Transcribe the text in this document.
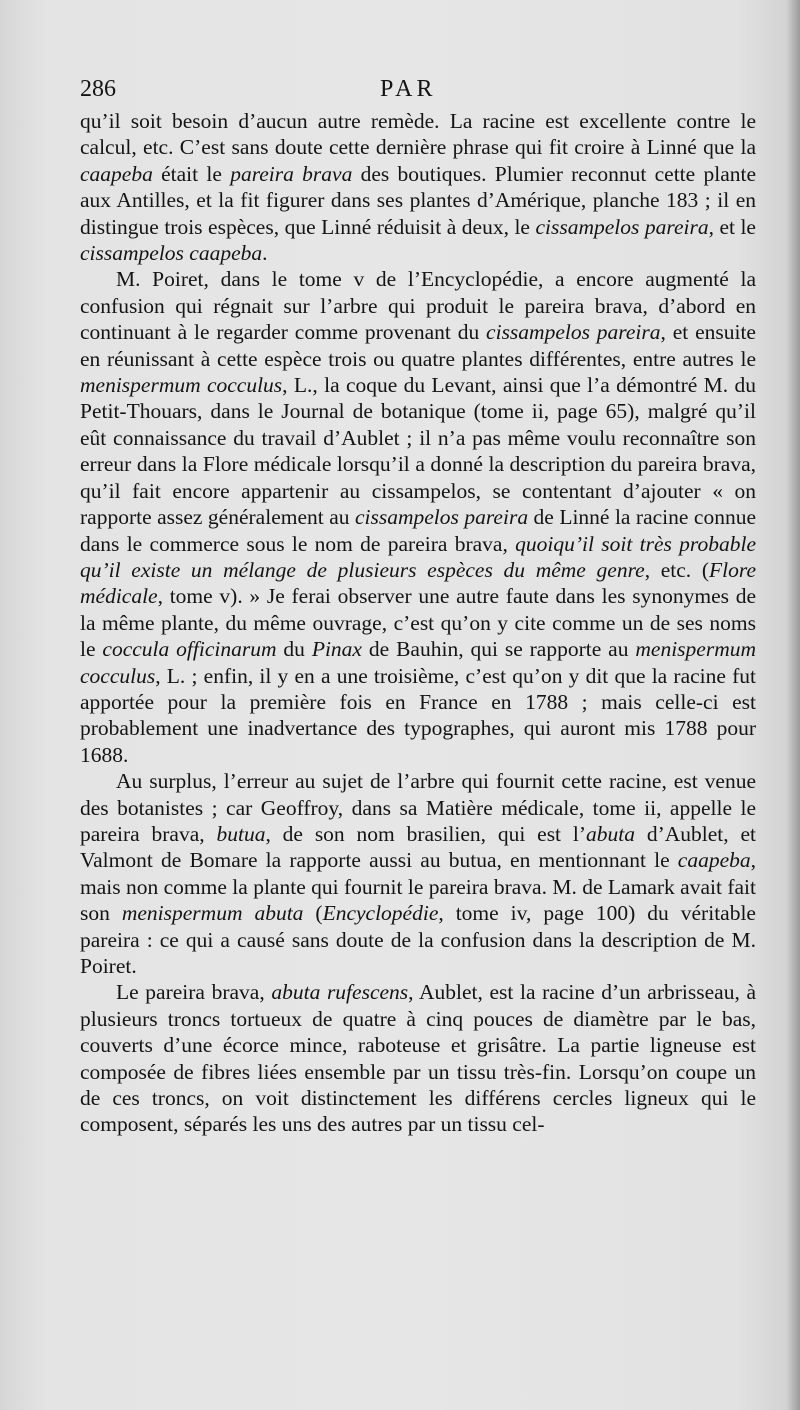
286	PAR

qu’il soit besoin d’aucun autre remède. La racine est excellente contre le calcul, etc. C’est sans doute cette dernière phrase qui fit croire à Linné que la caapeba était le pareira brava des boutiques. Plumier reconnut cette plante aux Antilles, et la fit figurer dans ses plantes d’Amérique, planche 183 ; il en distingue trois espèces, que Linné réduisit à deux, le cissampelos pareira, et le cissampelos caapeba.

M. Poiret, dans le tome v de l’Encyclopédie, a encore augmenté la confusion qui régnait sur l’arbre qui produit le pareira brava, d’abord en continuant à le regarder comme provenant du cissampelos pareira, et ensuite en réunissant à cette espèce trois ou quatre plantes différentes, entre autres le menispermum cocculus, L., la coque du Levant, ainsi que l’a démontré M. du Petit-Thouars, dans le Journal de botanique (tome ii, page 65), malgré qu’il eût connaissance du travail d’Aublet ; il n’a pas même voulu reconnaître son erreur dans la Flore médicale lorsqu’il a donné la description du pareira brava, qu’il fait encore appartenir au cissampelos, se contentant d’ajouter « on rapporte assez généralement au cissampelos pareira de Linné la racine connue dans le commerce sous le nom de pareira brava, quoiqu’il soit très probable qu’il existe un mélange de plusieurs espèces du même genre, etc. (Flore médicale, tome v). » Je ferai observer une autre faute dans les synonymes de la même plante, du même ouvrage, c’est qu’on y cite comme un de ses noms le coccula officinarum du Pinax de Bauhin, qui se rapporte au menispermum cocculus, L. ; enfin, il y en a une troisième, c’est qu’on y dit que la racine fut apportée pour la première fois en France en 1788 ; mais celle-ci est probablement une inadvertance des typographes, qui auront mis 1788 pour 1688.

Au surplus, l’erreur au sujet de l’arbre qui fournit cette racine, est venue des botanistes ; car Geoffroy, dans sa Matière médicale, tome ii, appelle le pareira brava, butua, de son nom brasilien, qui est l’abuta d’Aublet, et Valmont de Bomare la rapporte aussi au butua, en mentionnant le caapeba, mais non comme la plante qui fournit le pareira brava. M. de Lamark avait fait son menispermum abuta (Encyclopédie, tome iv, page 100) du véritable pareira : ce qui a causé sans doute de la confusion dans la description de M. Poiret.

Le pareira brava, abuta rufescens, Aublet, est la racine d’un arbrisseau, à plusieurs troncs tortueux de quatre à cinq pouces de diamètre par le bas, couverts d’une écorce mince, raboteuse et grisâtre. La partie ligneuse est composée de fibres liées ensemble par un tissu très-fin. Lorsqu’on coupe un de ces troncs, on voit distinctement les différens cercles ligneux qui le composent, séparés les uns des autres par un tissu cel-
